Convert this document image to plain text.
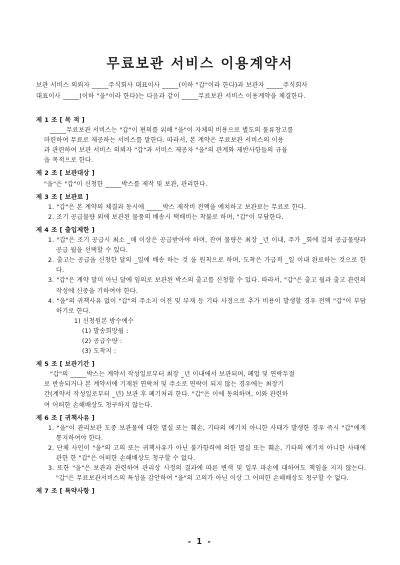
무료보관 서비스 이용계약서
보관 서비스 의뢰자 _____주식회사 대표이사 _____(이하 "갑"이라 한다)과 보관자 _____주식회사
대표이사 _____(이하 "을"이라 한다)는 다음과 같이 _____무료보관 서비스 이용계약을 체결한다.
제 1 조 [ 목 적 ]
_____무료보관 서비스는 "갑"이 편의를 위해 "을"이 자체의 비용으로 별도의 물류창고를
마련하여 무료로 제공하는 서비스를 말한다. 따라서, 본 계약은 무료보관 서비스의 이용
과 관련하여 보관 서비스 의뢰자 "갑"과 서비스 제공자 "을"의 관계와 제반사항들의 규율
을 목적으로 한다.
제 2 조 [ 보관대상 ]
"을"은 "갑"이 신청한 _____박스를 제작 및 보관, 관리한다.
제 3 조 [ 보관료 ]
1. "갑"은 본 계약의 체결과 동시에 _____박스 제작비 전액을 예치하고 보관료는 무료로 한다.
2. 조기 공급물량 외에 보관된 물품의 배송시 택배비는 착불로 하며, "갑"이 부담한다.
제 4 조 [ 출입제한 ]
1. "갑"은 조기 공급시 최소 _매 이상은 공급받아야 하며, 잔여 물량은 최장 _년 이내, 주가 _회에 걸쳐 공급물량과 공급 월을 선택할 수 있다.
2. 출고는 공급을 신청한 달의 _일에 배송 하는 것 을 원칙으로 하며, 도착은 가급적 _일 이내 완료하는 것으로 한다.
3. "갑"은 계약 말미 아닌 달에 임의로 보관된 박스의 출고를 신청할 수 있다. 따라서, "갑"은 출고 월과 출고 관련의 작성에 신중을 기하여야 한다.
4. "을"의 귀책사유 없이 "갑"의 주소지 이전 및 부재 등 기타 사정으로 추가 비용이 발생할 경우 전액 "갑"이 부담하기로 한다.
1) 신청원본 방수예수
(1) 발송희망월 :
(2) 공급수량 :
(3) 도착지 :
제 5 조 [ 보관기간 ]
"갑"의 _____박스는 계약서 작성일로부터 최장 _년 이내에서 보관되며, 폐업 및 연락두절
로 반송되거나 본 계약서에 기재된 연락처 및 주소로 연락이 되지 않는 경우에는 최장기
간(계약서 작성일로부터 _년) 보관 후 폐기처리 한다. "갑"은 이에 동의하며, 이와 관련하
여 어떠한 손해배상도 청구하지 않는다.
제 6 조 [ 귀책사유 ]
1. "을"이 관리보관 도중 보관물에 대한 멸실 또는 훼손, 기타의 예기치 아니한 사태가 발생한 경우 즉시 "갑"에게 통지하여야 한다.
2. 단체 사인이 "을"의 고의 또는 귀책사유가 아닌 불가항력에 의한 멸실 또는 훼손, 기타의 예기치 아니한 사태에 관한 한 "갑"은 어떠한 손해배상도 청구할 수 없다.
3. 또한 "을"은 보관과 관련하여 관리상 시정의 결과에 따른 변색 및 일부 파손에 대하여도 책임을 지지 않는다. "갑"은 무료보관서비스의 특성을 감안하여 "을"의 고의가 아닌 이상 그 어떠한 손해배상도 청구할 수 없다.
제 7 조 [ 특약사항 ]
- 1 -
